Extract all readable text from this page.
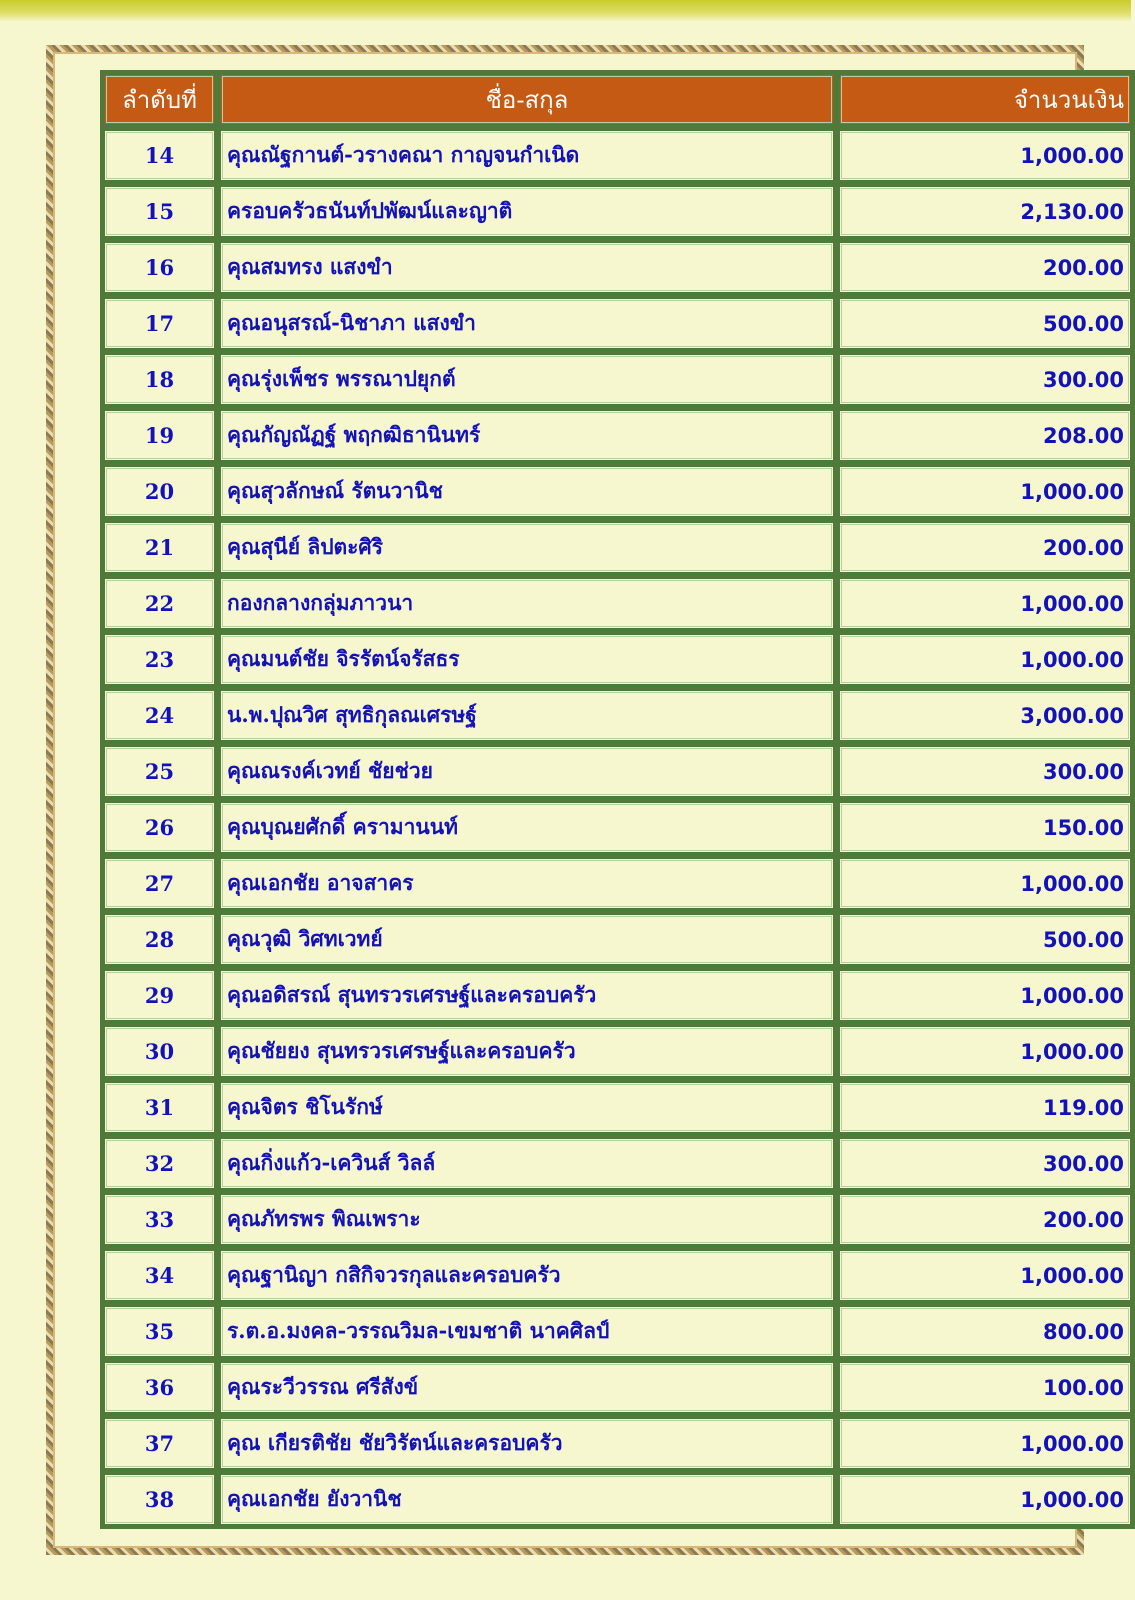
ลำดับที่	ชื่อ-สกุล	จำนวนเงิน
14	คุณณัฐกานต์-วรางคณา กาญจนกำเนิด	1,000.00
15	ครอบครัวธนันท์ปพัฒน์และญาติ	2,130.00
16	คุณสมทรง แสงขำ	200.00
17	คุณอนุสรณ์-นิชาภา แสงขำ	500.00
18	คุณรุ่งเพ็ชร พรรณาปยุกต์	300.00
19	คุณกัญณัฏฐ์ พฤกฒิธานินทร์	208.00
20	คุณสุวลักษณ์ รัตนวานิช	1,000.00
21	คุณสุนีย์ ลิปตะศิริ	200.00
22	กองกลางกลุ่มภาวนา	1,000.00
23	คุณมนต์ชัย จิรรัตน์จรัสธร	1,000.00
24	น.พ.ปุณวิศ สุทธิกุลณเศรษฐ์	3,000.00
25	คุณณรงค์เวทย์ ชัยช่วย	300.00
26	คุณบุณยศักดิ์ ครามานนท์	150.00
27	คุณเอกชัย อาจสาคร	1,000.00
28	คุณวุฒิ วิศทเวทย์	500.00
29	คุณอดิสรณ์ สุนทรวรเศรษฐ์และครอบครัว	1,000.00
30	คุณชัยยง สุนทรวรเศรษฐ์และครอบครัว	1,000.00
31	คุณจิตร ชิโนรักษ์	119.00
32	คุณกิ่งแก้ว-เควินส์ วิลล์	300.00
33	คุณภัทรพร พิณเพราะ	200.00
34	คุณฐานิญา กสิกิจวรกุลและครอบครัว	1,000.00
35	ร.ต.อ.มงคล-วรรณวิมล-เขมชาติ นาคศิลป์	800.00
36	คุณระวีวรรณ ศรีสังข์	100.00
37	คุณ เกียรติชัย ชัยวิรัตน์และครอบครัว	1,000.00
38	คุณเอกชัย ยังวานิช	1,000.00
